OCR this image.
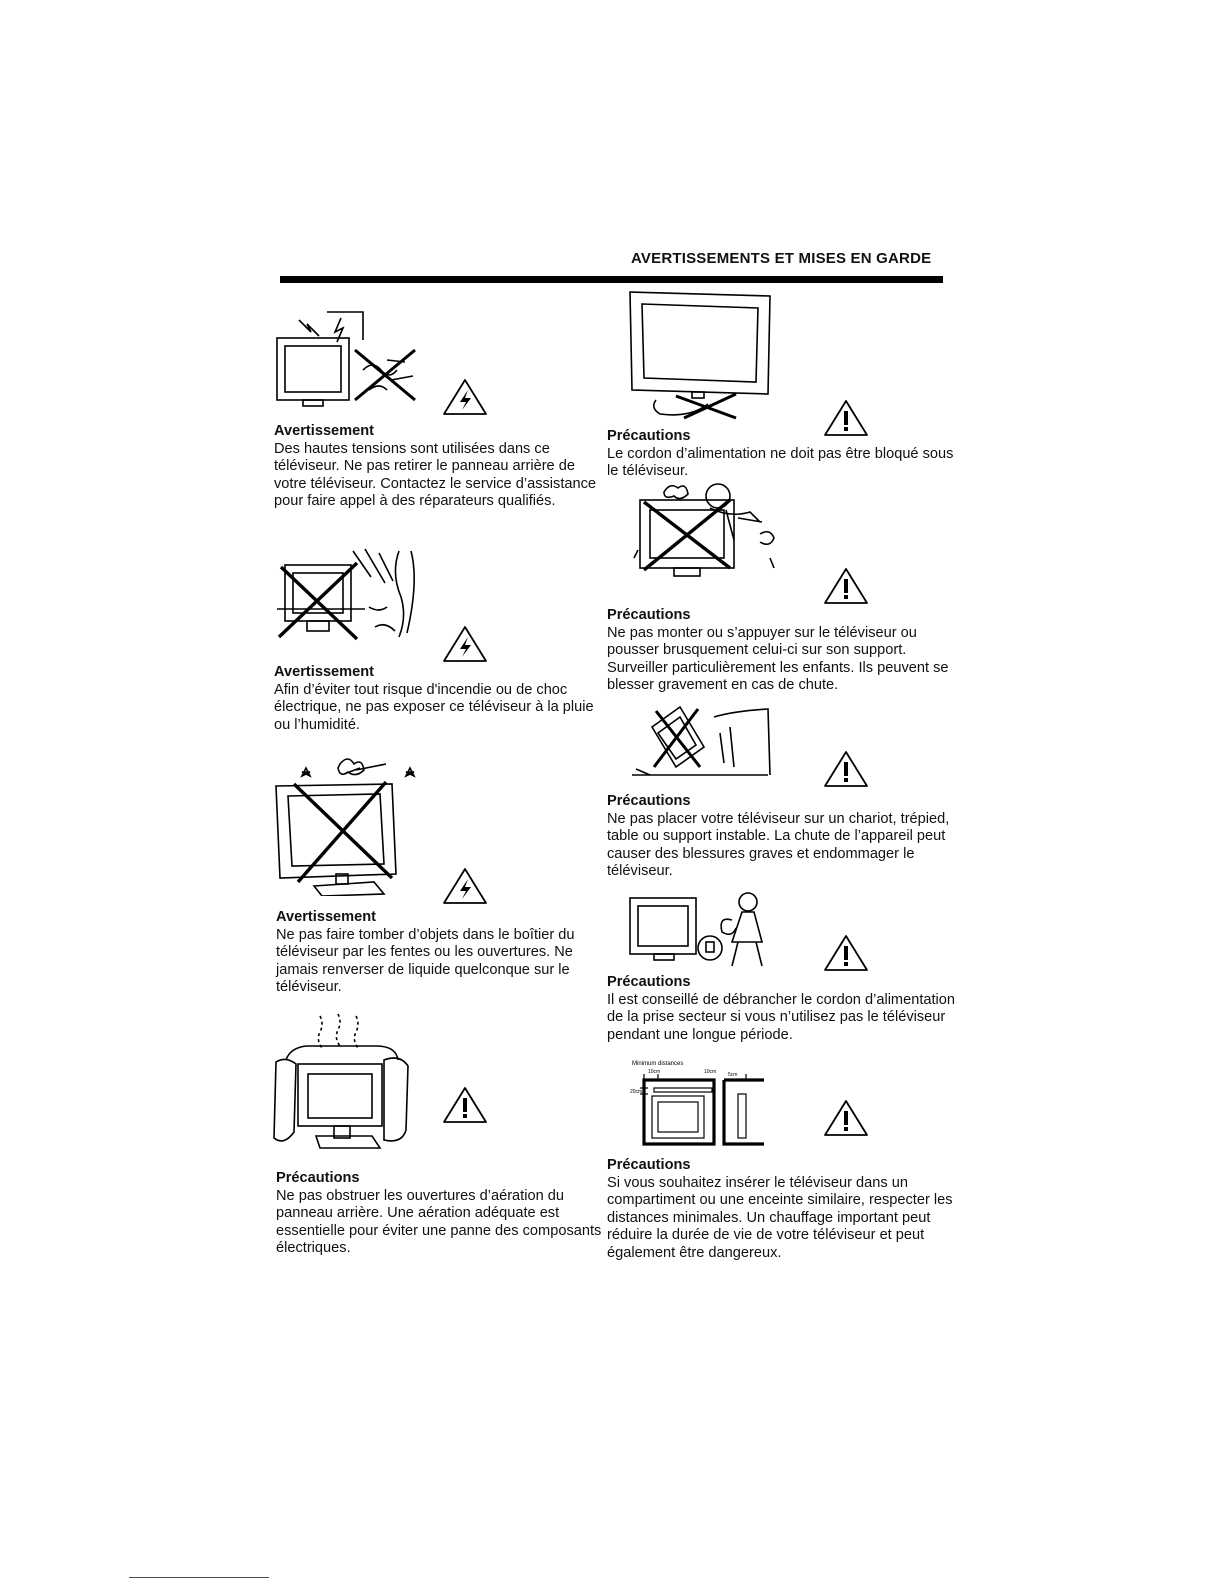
AVERTISSEMENTS ET MISES EN GARDE
Avertissement

Des hautes tensions sont utilisées dans ce téléviseur. Ne pas retirer le panneau arrière de votre téléviseur. Contactez le service d’assistance pour faire appel à des réparateurs qualifiés.

Avertissement

Afin d’éviter tout risque d'incendie ou de choc électrique, ne pas exposer ce téléviseur à la pluie ou l’humidité.

Avertissement

Ne pas faire tomber d’objets dans le boîtier du téléviseur par les fentes ou les ouvertures. Ne jamais renverser de liquide quelconque sur le téléviseur.

Précautions

Ne pas obstruer les ouvertures d’aération du panneau arrière. Une aération adéquate est essentielle pour éviter une panne des composants électriques.

Précautions

Le cordon d’alimentation ne doit pas être bloqué sous le téléviseur.

Précautions

Ne pas monter ou s’appuyer sur le téléviseur ou pousser brusquement celui-ci sur son support. Surveiller particulièrement les enfants. Ils peuvent se blesser gravement en cas de chute.

Précautions

Ne pas placer votre téléviseur sur un chariot, trépied, table ou support instable. La chute de l’appareil peut causer des blessures graves et endommager le téléviseur.

Précautions

Il est conseillé de débrancher le cordon d’alimentation de la prise secteur si vous n’utilisez pas le téléviseur pendant une longue période.

Minimum distances
10cm	10cm 5cm
20cm
Précautions

Si vous souhaitez insérer le téléviseur dans un compartiment ou une enceinte similaire, respecter les distances minimales. Un chauffage important peut réduire la durée de vie de votre téléviseur et peut également être dangereux.
